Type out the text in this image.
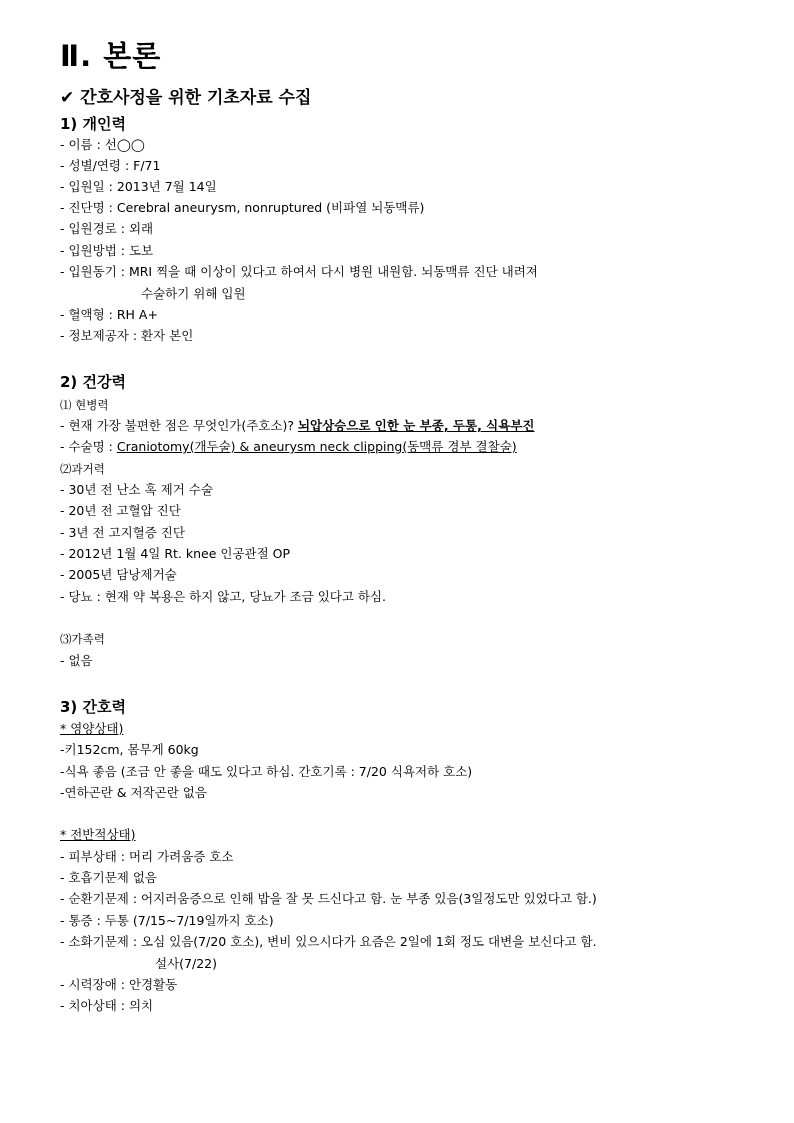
Ⅱ. 본론
✔ 간호사정을 위한 기초자료 수집
1) 개인력
- 이름 : 선◯◯
- 성별/연령 : F/71
- 입원일 : 2013년 7월 14일
- 진단명 : Cerebral aneurysm, nonruptured (비파열 뇌동맥류)
- 입원경로 : 외래
- 입원방법 : 도보
- 입원동기 : MRI 찍을 때 이상이 있다고 하여서 다시 병원 내원함. 뇌동맥류 진단 내려져
수술하기 위해 입원
- 혈액형 : RH A+
- 정보제공자 : 환자 본인
2) 건강력
⑴ 현병력
- 현재 가장 불편한 점은 무엇인가(주호소)? 뇌압상승으로 인한 눈 부종, 두통, 식욕부진
- 수술명 : Craniotomy(개두술) & aneurysm neck clipping(동맥류 경부 결찰술)
⑵과거력
- 30년 전 난소 혹 제거 수술
- 20년 전 고혈압 진단
- 3년 전 고지혈증 진단
- 2012년 1월 4일 Rt. knee 인공관절 OP
- 2005년 담낭제거술
- 당뇨 : 현재 약 복용은 하지 않고, 당뇨가 조금 있다고 하심.
⑶가족력
- 없음
3) 간호력
* 영양상태)
-키152cm, 몸무게 60kg
-식욕 좋음 (조금 안 좋을 때도 있다고 하심. 간호기록 : 7/20 식욕저하 호소)
-연하곤란 & 저작곤란 없음
* 전반적상태)
- 피부상태 : 머리 가려움증 호소
- 호흡기문제 없음
- 순환기문제 : 어지러움증으로 인해 밥을 잘 못 드신다고 함. 눈 부종 있음(3일정도만 있었다고 함.)
- 통증 : 두통 (7/15~7/19일까지 호소)
- 소화기문제 : 오심 있음(7/20 호소), 변비 있으시다가 요즘은 2일에 1회 정도 대변을 보신다고 함.
설사(7/22)
- 시력장애 : 안경활동
- 치아상태 : 의치
